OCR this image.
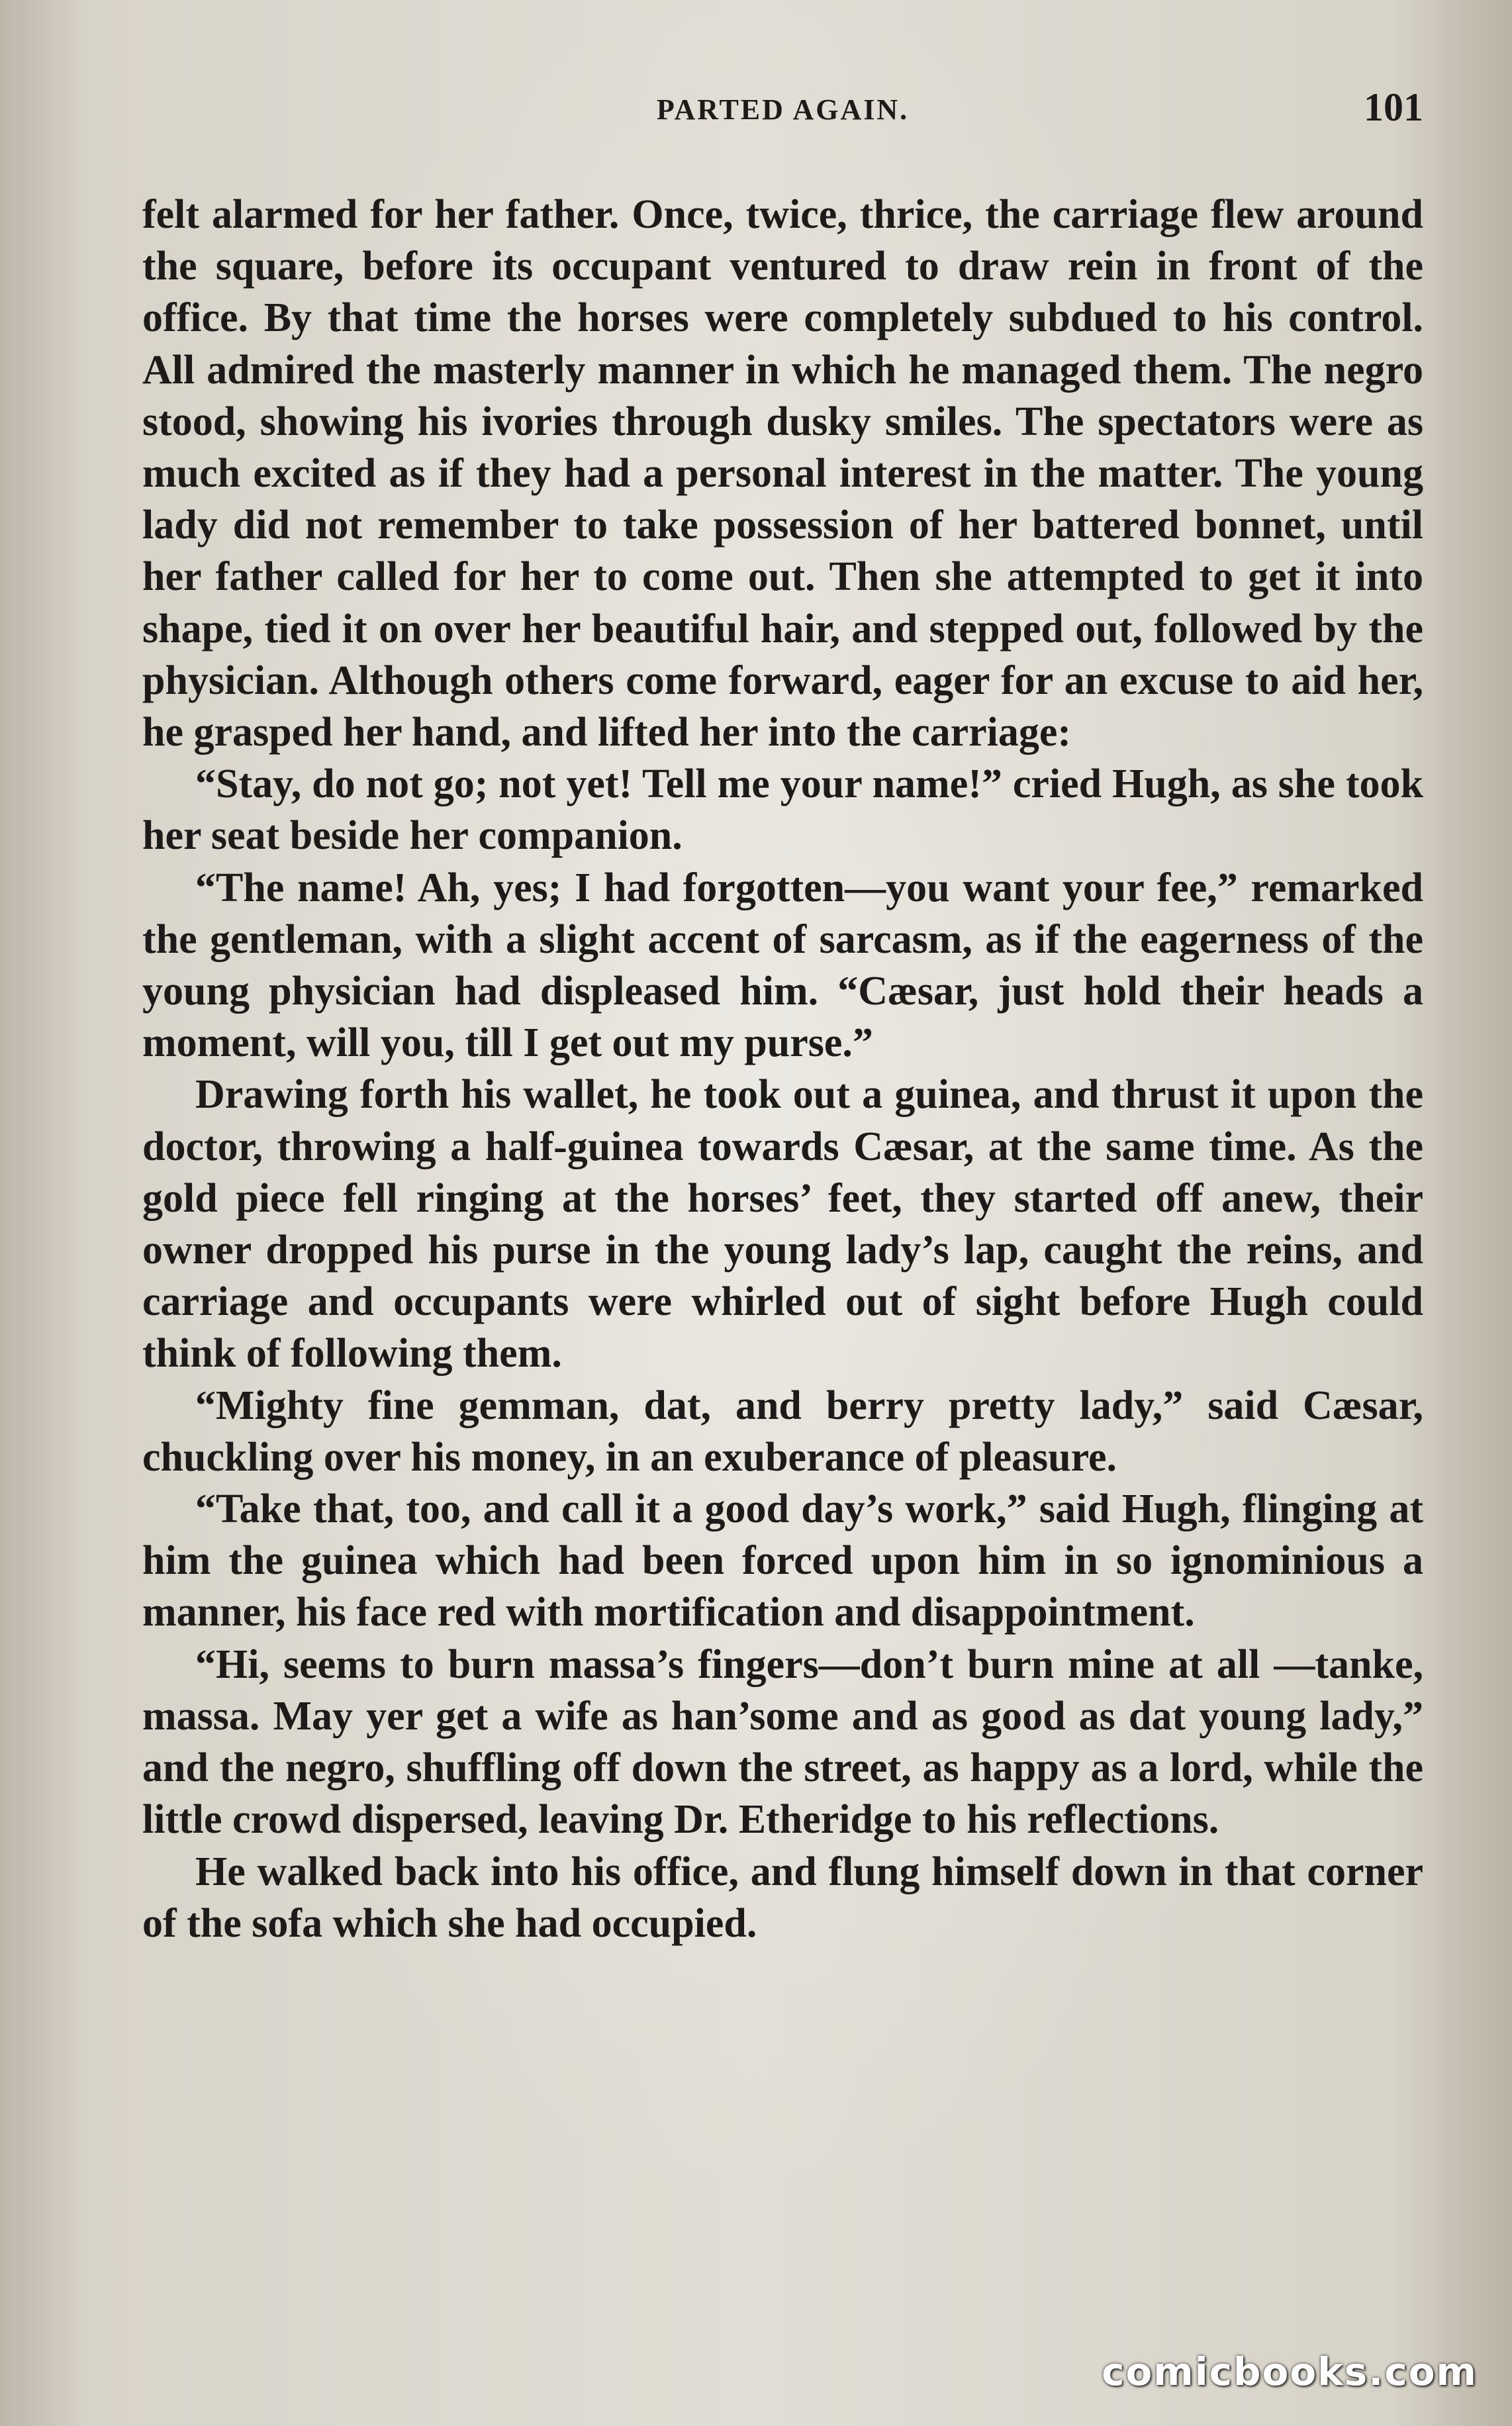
PARTED AGAIN.	101

felt alarmed for her father. Once, twice, thrice, the carriage flew around the square, before its occupant ventured to draw rein in front of the office. By that time the horses were completely subdued to his control. All admired the masterly manner in which he managed them. The negro stood, showing his ivories through dusky smiles. The spectators were as much excited as if they had a personal interest in the matter. The young lady did not remember to take possession of her battered bonnet, until her father called for her to come out. Then she attempted to get it into shape, tied it on over her beautiful hair, and stepped out, followed by the physician. Although others come forward, eager for an excuse to aid her, he grasped her hand, and lifted her into the carriage:

“Stay, do not go; not yet! Tell me your name!” cried Hugh, as she took her seat beside her companion.

“The name! Ah, yes; I had forgotten—you want your fee,” remarked the gentleman, with a slight accent of sarcasm, as if the eagerness of the young physician had displeased him. “Cæsar, just hold their heads a moment, will you, till I get out my purse.”

Drawing forth his wallet, he took out a guinea, and thrust it upon the doctor, throwing a half-guinea towards Cæsar, at the same time. As the gold piece fell ringing at the horses’ feet, they started off anew, their owner dropped his purse in the young lady’s lap, caught the reins, and carriage and occupants were whirled out of sight before Hugh could think of following them.

“Mighty fine gemman, dat, and berry pretty lady,” said Cæsar, chuckling over his money, in an exuberance of pleasure.

“Take that, too, and call it a good day’s work,” said Hugh, flinging at him the guinea which had been forced upon him in so ignominious a manner, his face red with mortification and disappointment.

“Hi, seems to burn massa’s fingers—don’t burn mine at all —tanke, massa. May yer get a wife as han’some and as good as dat young lady,” and the negro, shuffling off down the street, as happy as a lord, while the little crowd dispersed, leaving Dr. Etheridge to his reflections.

He walked back into his office, and flung himself down in that corner of the sofa which she had occupied.

comicbooks.com
